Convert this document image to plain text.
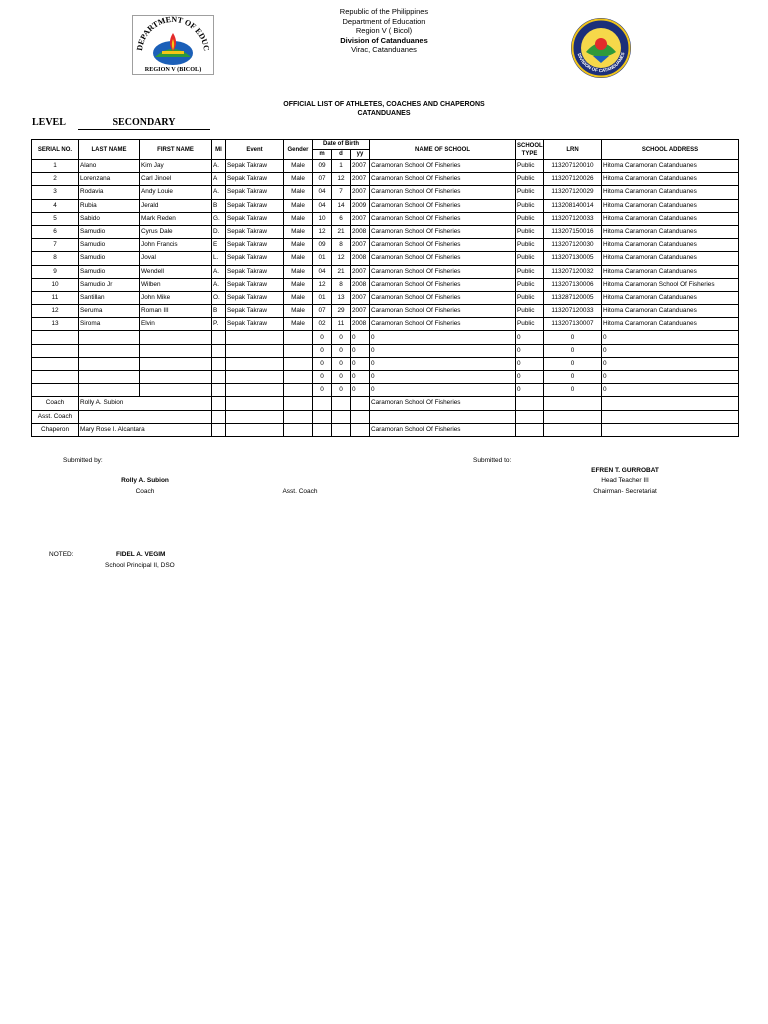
DEPARTMENT OF EDUC
REGION V (BICOL)
Republic of the Philippines
Department of Education
Region V ( Bicol)
Division of Catanduanes
Virac, Catanduanes
DIVISION OF CATANDUANES
OFFICIAL LIST OF ATHLETES, COACHES AND CHAPERONS
CATANDUANES
LEVEL	SECONDARY
SERIAL NO.	LAST NAME	FIRST NAME	MI	Event	Gender	Date of Birth			NAME OF SCHOOL	SCHOOL TYPE	LRN	SCHOOL ADDRESS
						m	d	yy				
1	Alano	Kim Jay	A.	Sepak Takraw	Male	09	1	2007	Caramoran School Of Fisheries	Public	113207120010	Hitoma Caramoran Catanduanes
2	Lorenzana	Carl Jinoel	A	Sepak Takraw	Male	07	12	2007	Caramoran School Of Fisheries	Public	113207120026	Hitoma Caramoran Catanduanes
3	Rodavia	Andy Louie	A.	Sepak Takraw	Male	04	7	2007	Caramoran School Of Fisheries	Public	113207120029	Hitoma Caramoran Catanduanes
4	Rubia	Jerald	B	Sepak Takraw	Male	04	14	2009	Caramoran School Of Fisheries	Public	113208140014	Hitoma Caramoran Catanduanes
5	Sabido	Mark Reden	G.	Sepak Takraw	Male	10	6	2007	Caramoran School Of Fisheries	Public	113207120033	Hitoma Caramoran Catanduanes
6	Samudio	Cyrus Dale	D.	Sepak Takraw	Male	12	21	2008	Caramoran School Of Fisheries	Public	113207150016	Hitoma Caramoran Catanduanes
7	Samudio	John Francis	E	Sepak Takraw	Male	09	8	2007	Caramoran School Of Fisheries	Public	113207120030	Hitoma Caramoran Catanduanes
8	Samudio	Joval	L.	Sepak Takraw	Male	01	12	2008	Caramoran School Of Fisheries	Public	113207130005	Hitoma Caramoran Catanduanes
9	Samudio	Wendell	A.	Sepak Takraw	Male	04	21	2007	Caramoran School Of Fisheries	Public	113207120032	Hitoma Caramoran Catanduanes
10	Samudio Jr	Wilben	A.	Sepak Takraw	Male	12	8	2008	Caramoran School Of Fisheries	Public	113207130006	Hitoma Caramoran School Of Fisheries
11	Santillan	John Mike	O.	Sepak Takraw	Male	01	13	2007	Caramoran School Of Fisheries	Public	113287120005	Hitoma Caramoran Catanduanes
12	Seruma	Roman III	B	Sepak Takraw	Male	07	29	2007	Caramoran School Of Fisheries	Public	113207120033	Hitoma Caramoran Catanduanes
13	Siroma	Elvin	P.	Sepak Takraw	Male	02	11	2008	Caramoran School Of Fisheries	Public	113207130007	Hitoma Caramoran Catanduanes
						0	0	0	0	0	0	0
						0	0	0	0	0	0	0
						0	0	0	0	0	0	0
						0	0	0	0	0	0	0
						0	0	0	0	0	0	0
Coach	Rolly A. Subion								Caramoran School Of Fisheries			
Asst. Coach												
Chaperon	Mary Rose I. Alcantara								Caramoran School Of Fisheries			
Submitted by:	Submitted to:
EFREN T. GURROBAT
Head Teacher III
Chairman- Secretariat
Rolly A. Subion
Coach	Asst. Coach
NOTED:	FIDEL A. VEGIM
School Principal II, DSO
